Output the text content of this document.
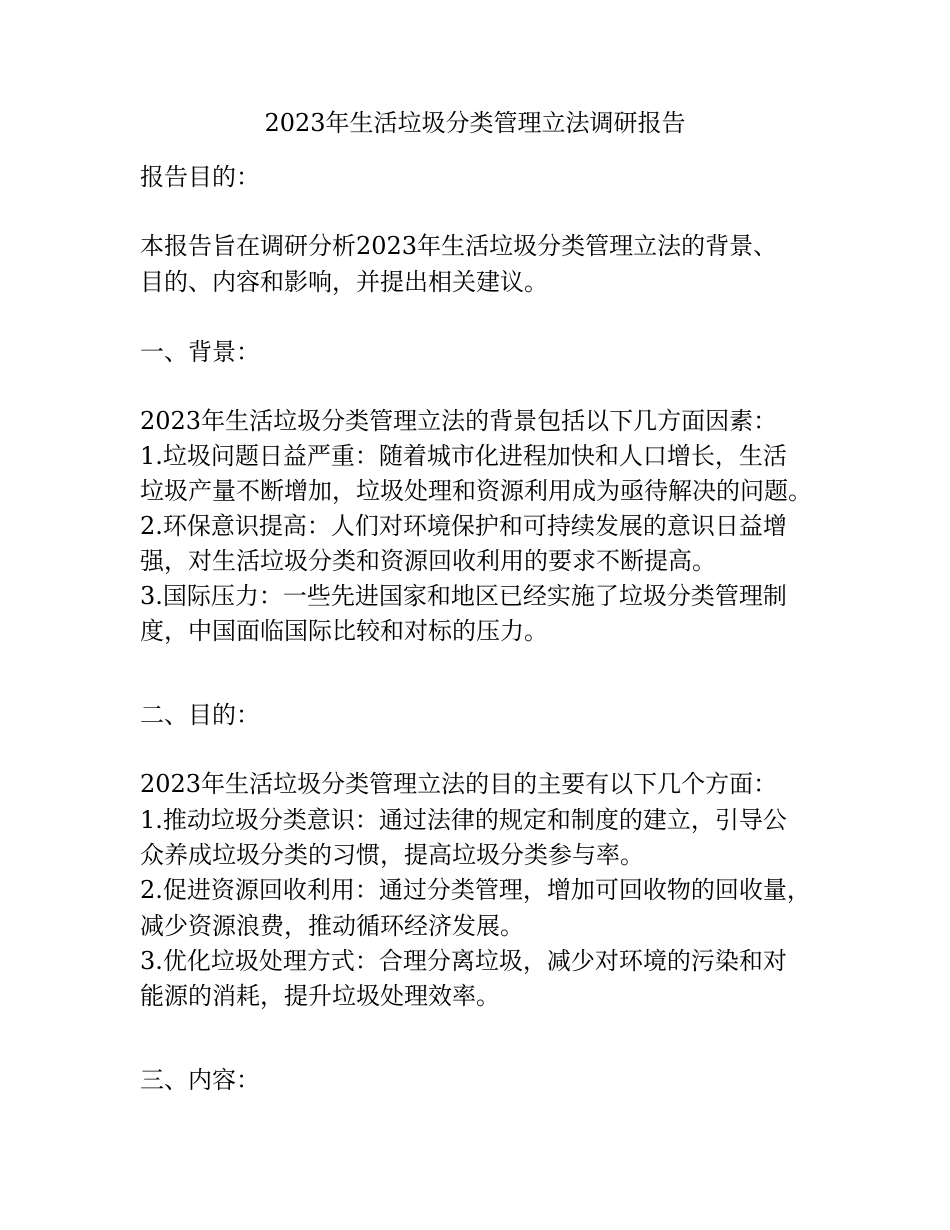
2023年生活垃圾分类管理立法调研报告
报告目的：
本报告旨在调研分析2023年生活垃圾分类管理立法的背景、
目的、内容和影响，并提出相关建议。
一、背景：
2023年生活垃圾分类管理立法的背景包括以下几方面因素：
1.垃圾问题日益严重：随着城市化进程加快和人口增长，生活
垃圾产量不断增加，垃圾处理和资源利用成为亟待解决的问题。
2.环保意识提高：人们对环境保护和可持续发展的意识日益增
强，对生活垃圾分类和资源回收利用的要求不断提高。
3.国际压力：一些先进国家和地区已经实施了垃圾分类管理制
度，中国面临国际比较和对标的压力。
二、目的：
2023年生活垃圾分类管理立法的目的主要有以下几个方面：
1.推动垃圾分类意识：通过法律的规定和制度的建立，引导公
众养成垃圾分类的习惯，提高垃圾分类参与率。
2.促进资源回收利用：通过分类管理，增加可回收物的回收量，
减少资源浪费，推动循环经济发展。
3.优化垃圾处理方式：合理分离垃圾，减少对环境的污染和对
能源的消耗，提升垃圾处理效率。
三、内容：
